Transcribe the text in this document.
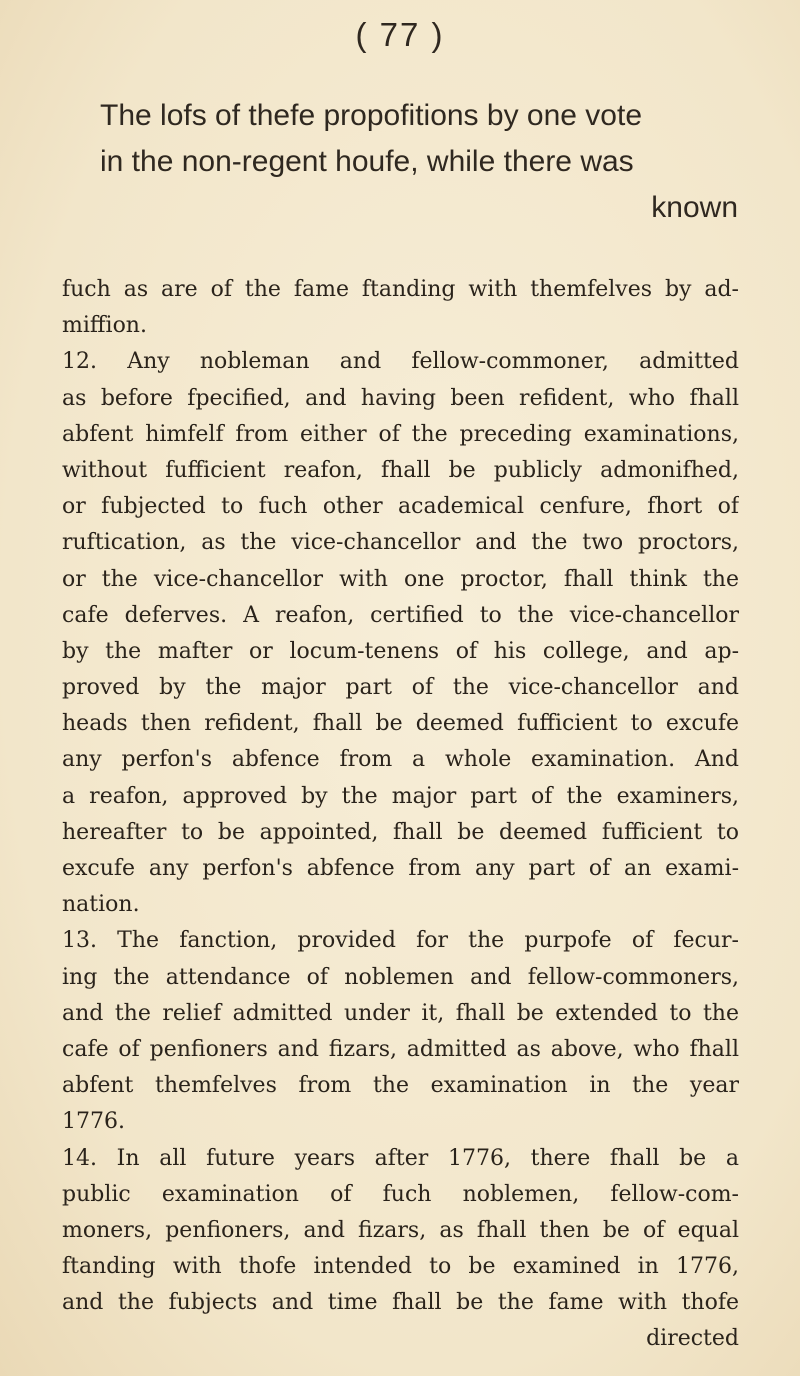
( 77 )
The lofs of thefe propofitions by one vote
in the non-regent houfe, while there was
known
fuch as are of the fame ftanding with themfelves by ad-
miffion.
12. Any nobleman and fellow-commoner, admitted
as before fpecified, and having been refident, who fhall
abfent himfelf from either of the preceding examinations,
without fufficient reafon, fhall be publicly admonifhed,
or fubjected to fuch other academical cenfure, fhort of
ruftication, as the vice-chancellor and the two proctors,
or the vice-chancellor with one proctor, fhall think the
cafe deferves. A reafon, certified to the vice-chancellor
by the mafter or locum-tenens of his college, and ap-
proved by the major part of the vice-chancellor and
heads then refident, fhall be deemed fufficient to excufe
any perfon's abfence from a whole examination. And
a reafon, approved by the major part of the examiners,
hereafter to be appointed, fhall be deemed fufficient to
excufe any perfon's abfence from any part of an exami-
nation.
13. The fanction, provided for the purpofe of fecur-
ing the attendance of noblemen and fellow-commoners,
and the relief admitted under it, fhall be extended to the
cafe of penfioners and fizars, admitted as above, who fhall
abfent themfelves from the examination in the year
1776.
14. In all future years after 1776, there fhall be a
public examination of fuch noblemen, fellow-com-
moners, penfioners, and fizars, as fhall then be of equal
ftanding with thofe intended to be examined in 1776,
and the fubjects and time fhall be the fame with thofe
directed
